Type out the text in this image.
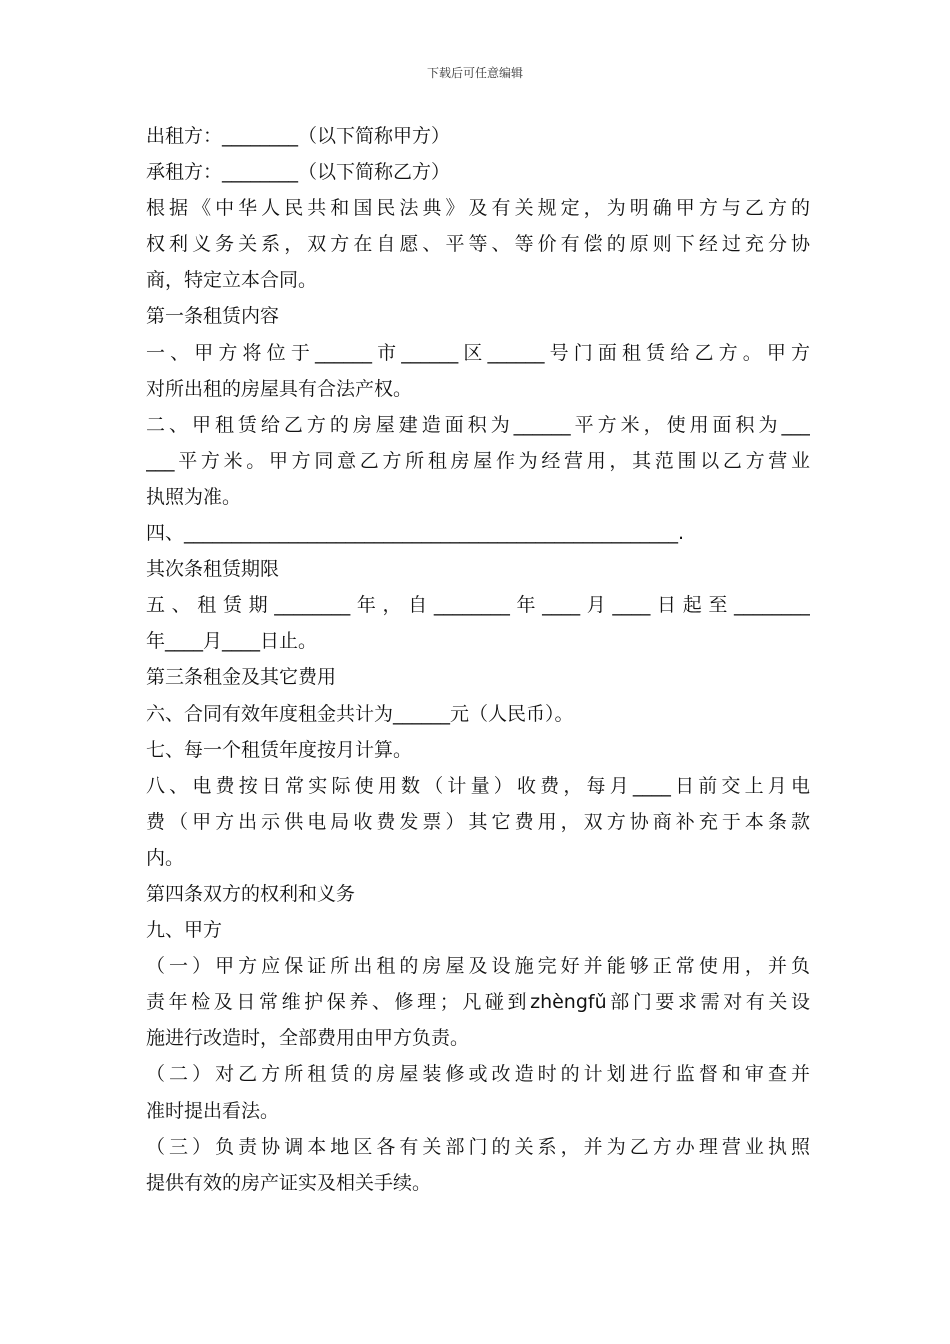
下载后可任意编辑
出租方：________（以下简称甲方）
承租方：________（以下简称乙方）
根据《中华人民共和国民法典》及有关规定，为明确甲方与乙方的
权利义务关系，双方在自愿、平等、等价有偿的原则下经过充分协
商，特定立本合同。
第一条租赁内容
一、甲方将位于______市______区______号门面租赁给乙方。甲方
对所出租的房屋具有合法产权。
二、甲租赁给乙方的房屋建造面积为______平方米，使用面积为___
___平方米。甲方同意乙方所租房屋作为经营用，其范围以乙方营业
执照为准。
四、____________________________________________________.
其次条租赁期限
五、租赁期________年，自________年____月____日起至________
年____月____日止。
第三条租金及其它费用
六、合同有效年度租金共计为______元（人民币）。
七、每一个租赁年度按月计算。
八、电费按日常实际使用数（计量）收费，每月____日前交上月电
费（甲方出示供电局收费发票）其它费用，双方协商补充于本条款
内。
第四条双方的权利和义务
九、甲方
（一）甲方应保证所出租的房屋及设施完好并能够正常使用，并负
责年检及日常维护保养、修理；凡碰到zhèngfǔ部门要求需对有关设
施进行改造时，全部费用由甲方负责。
（二）对乙方所租赁的房屋装修或改造时的计划进行监督和审查并
准时提出看法。
（三）负责协调本地区各有关部门的关系，并为乙方办理营业执照
提供有效的房产证实及相关手续。
